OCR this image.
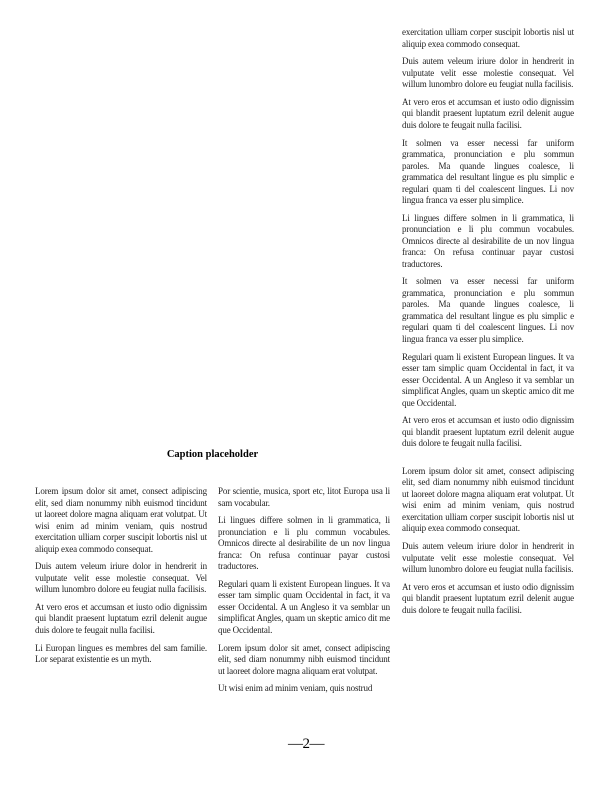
Caption placeholder

Lorem ipsum dolor sit amet, consect adipiscing elit, sed diam nonummy nibh euismod tincidunt ut laoreet dolore magna aliquam erat volutpat. Ut wisi enim ad minim veniam, quis nostrud exercitation ulliam corper suscipit lobortis nisl ut aliquip exea commodo consequat.

Duis autem veleum iriure dolor in hendrerit in vulputate velit esse molestie consequat. Vel willum lunombro dolore eu feugiat nulla facilisis.

At vero eros et accumsan et iusto odio dignissim qui blandit praesent luptatum ezril delenit augue duis dolore te feugait nulla facilisi.

Li Europan lingues es membres del sam familie. Lor separat existentie es un myth.

Por scientie, musica, sport etc, litot Europa usa li sam vocabular.

Li lingues differe solmen in li grammatica, li pronunciation e li plu commun vocabules. Omnicos directe al desirabilite de un nov lingua franca: On refusa continuar payar custosi traductores.

Regulari quam li existent European lingues. It va esser tam simplic quam Occidental in fact, it va esser Occidental. A un Angleso it va semblar un simplificat Angles, quam un skeptic amico dit me que Occidental.

Lorem ipsum dolor sit amet, consect adipiscing elit, sed diam nonummy nibh euismod tincidunt ut laoreet dolore magna aliquam erat volutpat.

Ut wisi enim ad minim veniam, quis nostrud

exercitation ulliam corper suscipit lobortis nisl ut aliquip exea commodo consequat.

Duis autem veleum iriure dolor in hendrerit in vulputate velit esse molestie consequat. Vel willum lunombro dolore eu feugiat nulla facilisis.

At vero eros et accumsan et iusto odio dignissim qui blandit praesent luptatum ezril delenit augue duis dolore te feugait nulla facilisi.

It solmen va esser necessi far uniform grammatica, pronunciation e plu sommun paroles. Ma quande lingues coalesce, li grammatica del resultant lingue es plu simplic e regulari quam ti del coalescent lingues. Li nov lingua franca va esser plu simplice.

Li lingues differe solmen in li grammatica, li pronunciation e li plu commun vocabules. Omnicos directe al desirabilite de un nov lingua franca: On refusa continuar payar custosi traductores.

It solmen va esser necessi far uniform grammatica, pronunciation e plu sommun paroles. Ma quande lingues coalesce, li grammatica del resultant lingue es plu simplic e regulari quam ti del coalescent lingues. Li nov lingua franca va esser plu simplice.

Regulari quam li existent European lingues. It va esser tam simplic quam Occidental in fact, it va esser Occidental. A un Angleso it va semblar un simplificat Angles, quam un skeptic amico dit me que Occidental.

At vero eros et accumsan et iusto odio dignissim qui blandit praesent luptatum ezril delenit augue duis dolore te feugait nulla facilisi.

Lorem ipsum dolor sit amet, consect adipiscing elit, sed diam nonummy nibh euismod tincidunt ut laoreet dolore magna aliquam erat volutpat. Ut wisi enim ad minim veniam, quis nostrud exercitation ulliam corper suscipit lobortis nisl ut aliquip exea commodo consequat.

Duis autem veleum iriure dolor in hendrerit in vulputate velit esse molestie consequat. Vel willum lunombro dolore eu feugiat nulla facilisis.

At vero eros et accumsan et iusto odio dignissim qui blandit praesent luptatum ezril delenit augue duis dolore te feugait nulla facilisi.

—2—
